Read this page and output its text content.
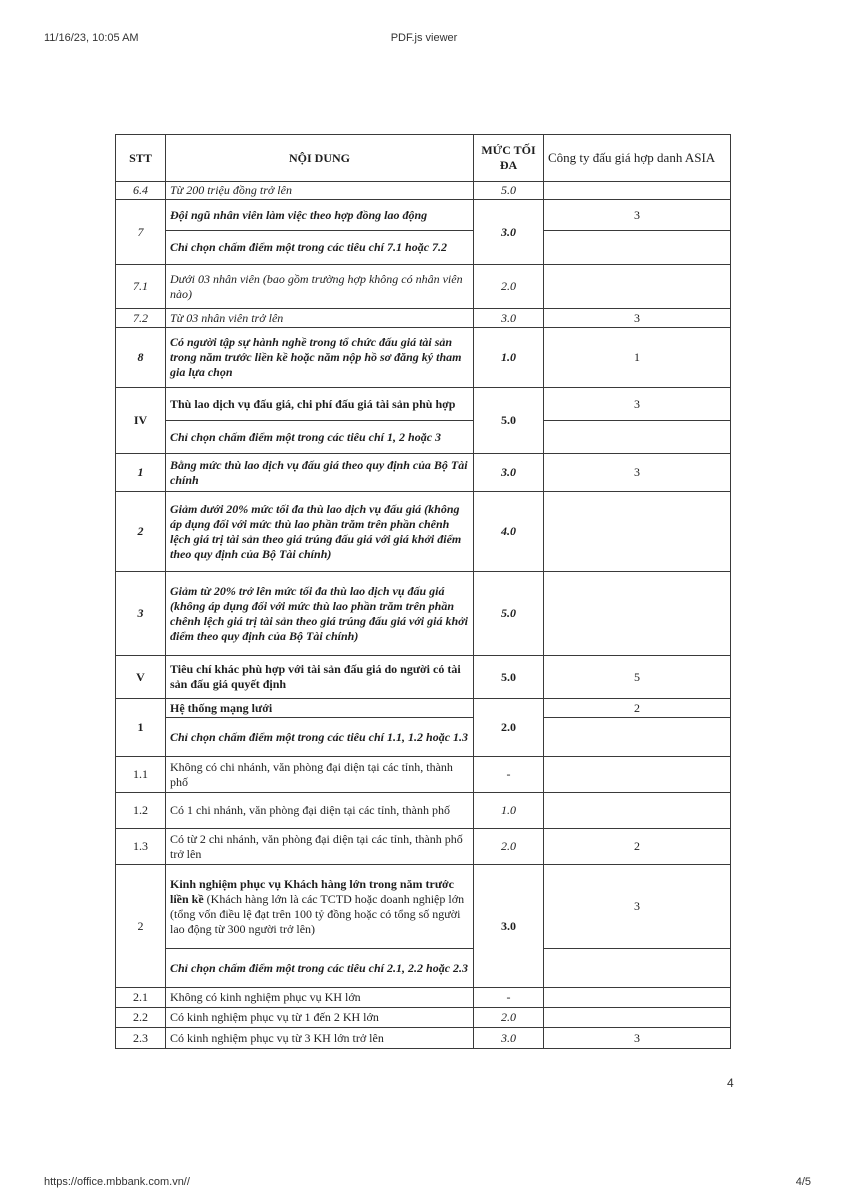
11/16/23, 10:05 AM	PDF.js viewer
STT	NỘI DUNG	MỨC TỐI ĐA	Công ty đấu giá hợp danh ASIA
6.4	Từ 200 triệu đồng trở lên	5.0	
7	Đội ngũ nhân viên làm việc theo hợp đồng lao động	3.0	3
	Chỉ chọn chấm điểm một trong các tiêu chí 7.1 hoặc 7.2		
7.1	Dưới 03 nhân viên (bao gồm trường hợp không có nhân viên nào)	2.0	
7.2	Từ 03 nhân viên trở lên	3.0	3
8	Có người tập sự hành nghề trong tổ chức đấu giá tài sản trong năm trước liền kề hoặc năm nộp hồ sơ đăng ký tham gia lựa chọn	1.0	1
IV	Thù lao dịch vụ đấu giá, chi phí đấu giá tài sản phù hợp	5.0	3
	Chỉ chọn chấm điểm một trong các tiêu chí 1, 2 hoặc 3		
1	Bằng mức thù lao dịch vụ đấu giá theo quy định của Bộ Tài chính	3.0	3
2	Giảm dưới 20% mức tối đa thù lao dịch vụ đấu giá (không áp dụng đối với mức thù lao phần trăm trên phần chênh lệch giá trị tài sản theo giá trúng đấu giá với giá khởi điểm theo quy định của Bộ Tài chính)	4.0	
3	Giảm từ 20% trở lên mức tối đa thù lao dịch vụ đấu giá (không áp dụng đối với mức thù lao phần trăm trên phần chênh lệch giá trị tài sản theo giá trúng đấu giá với giá khởi điểm theo quy định của Bộ Tài chính)	5.0	
V	Tiêu chí khác phù hợp với tài sản đấu giá do người có tài sản đấu giá quyết định	5.0	5
1	Hệ thống mạng lưới	2.0	2
	Chỉ chọn chấm điểm một trong các tiêu chí 1.1, 1.2 hoặc 1.3		
1.1	Không có chi nhánh, văn phòng đại diện tại các tỉnh, thành phố	-	
1.2	Có 1 chi nhánh, văn phòng đại diện tại các tỉnh, thành phố	1.0	
1.3	Có từ 2 chi nhánh, văn phòng đại diện tại các tỉnh, thành phố trở lên	2.0	2
2	Kinh nghiệm phục vụ Khách hàng lớn trong năm trước liền kề (Khách hàng lớn là các TCTD hoặc doanh nghiệp lớn (tổng vốn điều lệ đạt trên 100 tỷ đồng hoặc có tổng số người lao động từ 300 người trở lên)	3.0	3
	Chỉ chọn chấm điểm một trong các tiêu chí 2.1, 2.2 hoặc 2.3		
2.1	Không có kinh nghiệm phục vụ KH lớn	-	
2.2	Có kinh nghiệm phục vụ từ 1 đến 2 KH lớn	2.0	
2.3	Có kinh nghiệm phục vụ từ 3 KH lớn trở lên	3.0	3
4
https://office.mbbank.com.vn//	4/5
